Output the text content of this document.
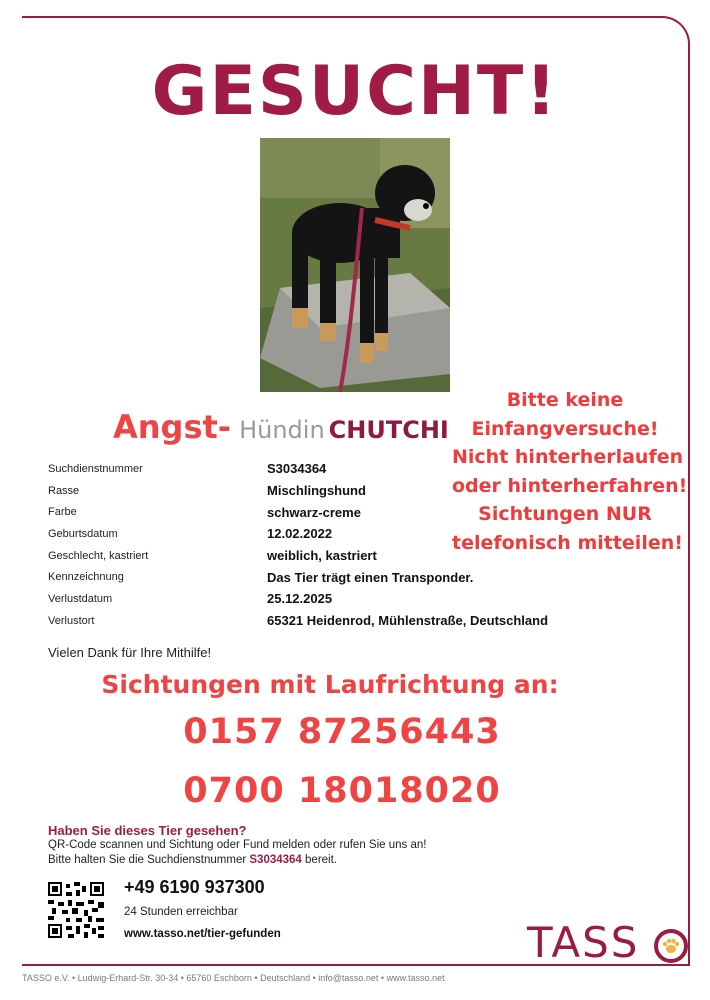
GESUCHT!
Angst- Hündin CHUTCHI
Bitte keine
Einfangversuche!
Nicht hinterherlaufen
oder hinterherfahren!
Sichtungen NUR
telefonisch mitteilen!
Suchdienstnummer	S3034364
Rasse	Mischlingshund
Farbe	schwarz-creme
Geburtsdatum	12.02.2022
Geschlecht, kastriert	weiblich, kastriert
Kennzeichnung	Das Tier trägt einen Transponder.
Verlustdatum	25.12.2025
Verlustort	65321 Heidenrod, Mühlenstraße, Deutschland
Vielen Dank für Ihre Mithilfe!
Sichtungen mit Laufrichtung an:
0157 87256443
0700 18018020
Haben Sie dieses Tier gesehen?
QR-Code scannen und Sichtung oder Fund melden oder rufen Sie uns an!
Bitte halten Sie die Suchdienstnummer S3034364 bereit.
+49 6190 937300
24 Stunden erreichbar
www.tasso.net/tier-gefunden	TASS
TASSO e.V. • Ludwig-Erhard-Str. 30-34 • 65760 Eschborn • Deutschland • info@tasso.net • www.tasso.net
